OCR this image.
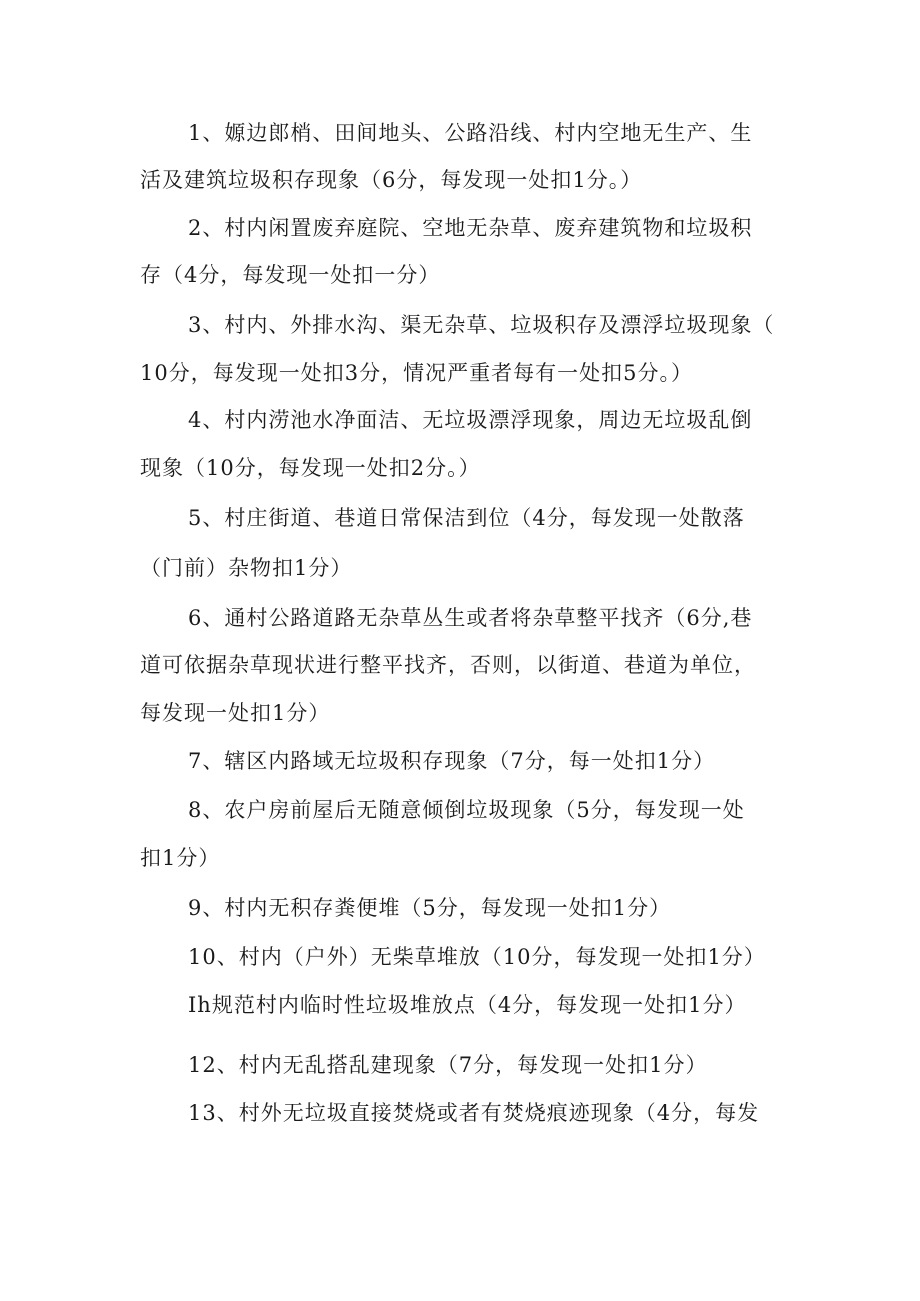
1、嫄边郎梢、田间地头、公路沿线、村内空地无生产、生
活及建筑垃圾积存现象（6分，每发现一处扣1分。）
2、村内闲置废弃庭院、空地无杂草、废弃建筑物和垃圾积
存（4分，每发现一处扣一分）
3、村内、外排水沟、渠无杂草、垃圾积存及漂浮垃圾现象（
10分，每发现一处扣3分，情况严重者每有一处扣5分。）
4、村内涝池水净面洁、无垃圾漂浮现象，周边无垃圾乱倒
现象（10分，每发现一处扣2分。）
5、村庄街道、巷道日常保洁到位（4分，每发现一处散落
（门前）杂物扣1分）
6、通村公路道路无杂草丛生或者将杂草整平找齐（6分,巷
道可依据杂草现状进行整平找齐，否则，以街道、巷道为单位，
每发现一处扣1分）
7、辖区内路域无垃圾积存现象（7分，每一处扣1分）
8、农户房前屋后无随意倾倒垃圾现象（5分，每发现一处
扣1分）
9、村内无积存粪便堆（5分，每发现一处扣1分）
10、村内（户外）无柴草堆放（10分，每发现一处扣1分）
Ih规范村内临时性垃圾堆放点（4分，每发现一处扣1分）
12、村内无乱搭乱建现象（7分，每发现一处扣1分）
13、村外无垃圾直接焚烧或者有焚烧痕迹现象（4分，每发
